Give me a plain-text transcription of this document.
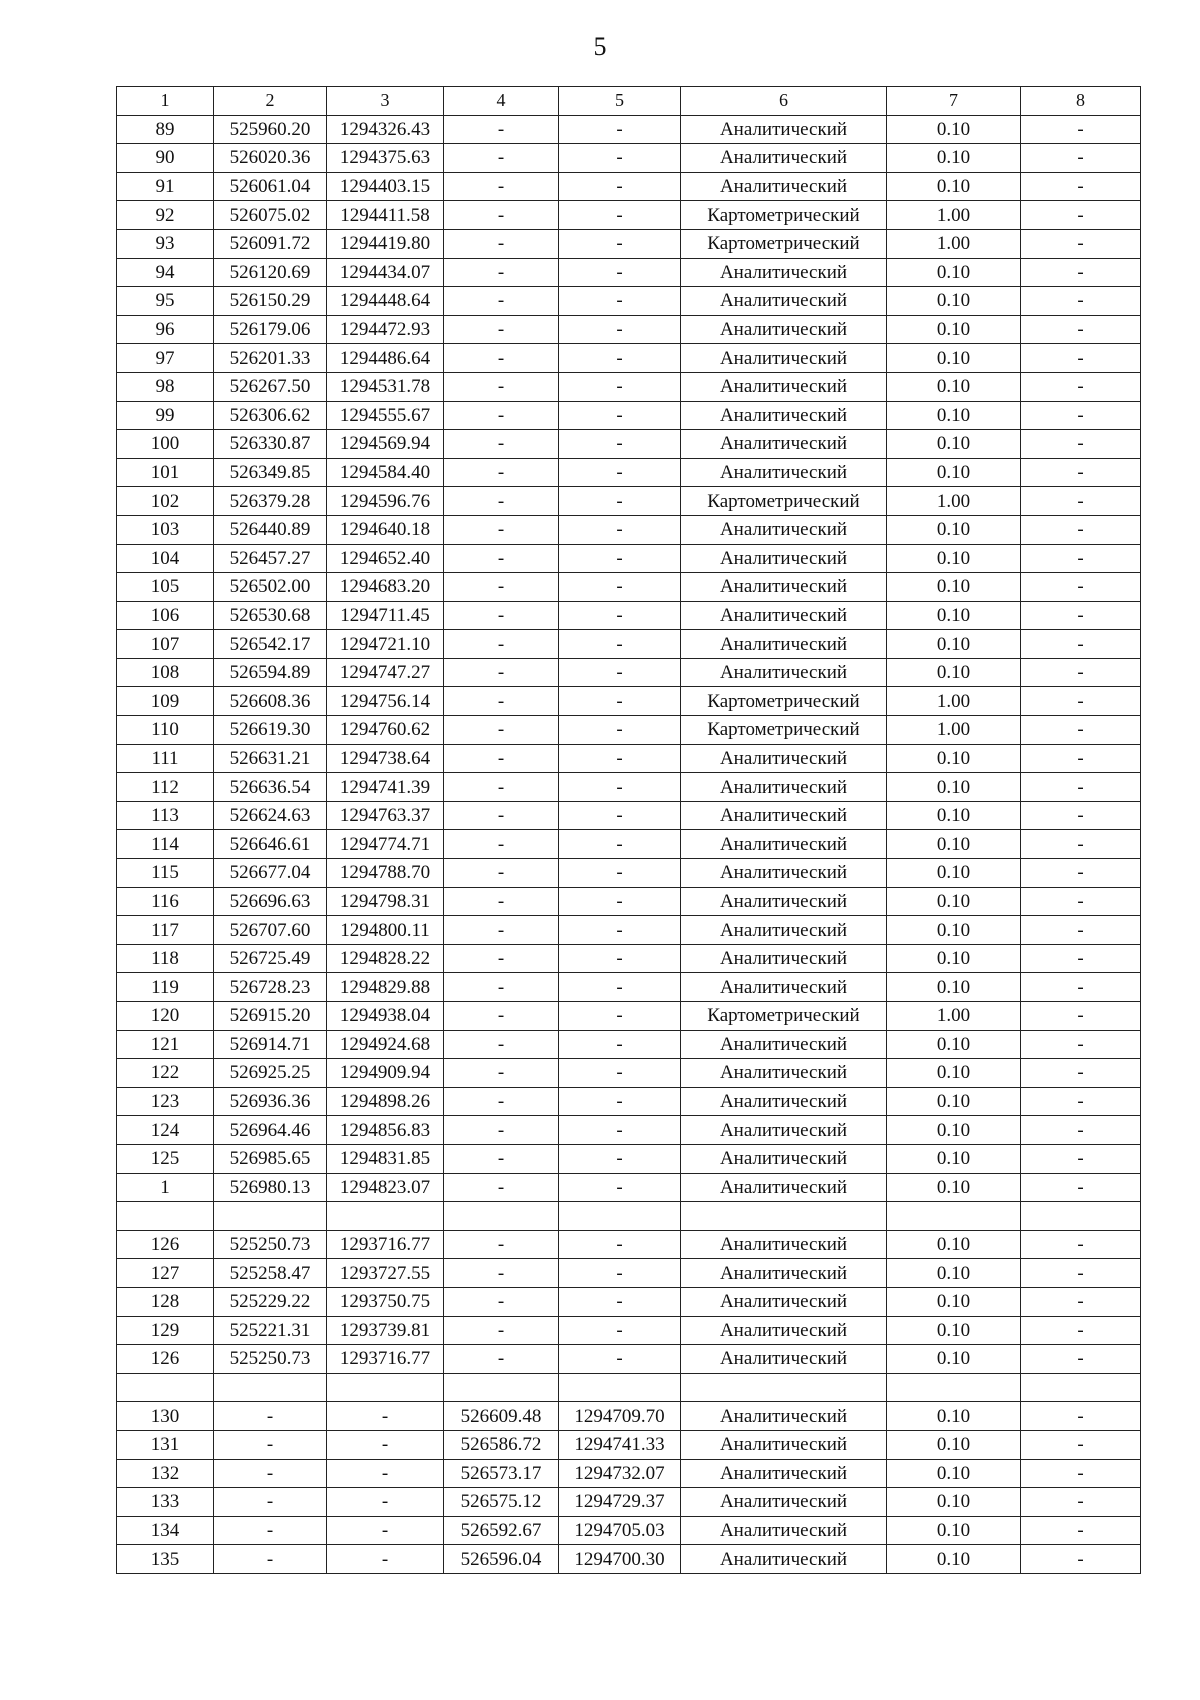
5
1	2	3	4	5	6	7	8
89	525960.20	1294326.43	-	-	Аналитический	0.10	-
90	526020.36	1294375.63	-	-	Аналитический	0.10	-
91	526061.04	1294403.15	-	-	Аналитический	0.10	-
92	526075.02	1294411.58	-	-	Картометрический	1.00	-
93	526091.72	1294419.80	-	-	Картометрический	1.00	-
94	526120.69	1294434.07	-	-	Аналитический	0.10	-
95	526150.29	1294448.64	-	-	Аналитический	0.10	-
96	526179.06	1294472.93	-	-	Аналитический	0.10	-
97	526201.33	1294486.64	-	-	Аналитический	0.10	-
98	526267.50	1294531.78	-	-	Аналитический	0.10	-
99	526306.62	1294555.67	-	-	Аналитический	0.10	-
100	526330.87	1294569.94	-	-	Аналитический	0.10	-
101	526349.85	1294584.40	-	-	Аналитический	0.10	-
102	526379.28	1294596.76	-	-	Картометрический	1.00	-
103	526440.89	1294640.18	-	-	Аналитический	0.10	-
104	526457.27	1294652.40	-	-	Аналитический	0.10	-
105	526502.00	1294683.20	-	-	Аналитический	0.10	-
106	526530.68	1294711.45	-	-	Аналитический	0.10	-
107	526542.17	1294721.10	-	-	Аналитический	0.10	-
108	526594.89	1294747.27	-	-	Аналитический	0.10	-
109	526608.36	1294756.14	-	-	Картометрический	1.00	-
110	526619.30	1294760.62	-	-	Картометрический	1.00	-
111	526631.21	1294738.64	-	-	Аналитический	0.10	-
112	526636.54	1294741.39	-	-	Аналитический	0.10	-
113	526624.63	1294763.37	-	-	Аналитический	0.10	-
114	526646.61	1294774.71	-	-	Аналитический	0.10	-
115	526677.04	1294788.70	-	-	Аналитический	0.10	-
116	526696.63	1294798.31	-	-	Аналитический	0.10	-
117	526707.60	1294800.11	-	-	Аналитический	0.10	-
118	526725.49	1294828.22	-	-	Аналитический	0.10	-
119	526728.23	1294829.88	-	-	Аналитический	0.10	-
120	526915.20	1294938.04	-	-	Картометрический	1.00	-
121	526914.71	1294924.68	-	-	Аналитический	0.10	-
122	526925.25	1294909.94	-	-	Аналитический	0.10	-
123	526936.36	1294898.26	-	-	Аналитический	0.10	-
124	526964.46	1294856.83	-	-	Аналитический	0.10	-
125	526985.65	1294831.85	-	-	Аналитический	0.10	-
1	526980.13	1294823.07	-	-	Аналитический	0.10	-

126	525250.73	1293716.77	-	-	Аналитический	0.10	-
127	525258.47	1293727.55	-	-	Аналитический	0.10	-
128	525229.22	1293750.75	-	-	Аналитический	0.10	-
129	525221.31	1293739.81	-	-	Аналитический	0.10	-
126	525250.73	1293716.77	-	-	Аналитический	0.10	-

130	-	-	526609.48	1294709.70	Аналитический	0.10	-
131	-	-	526586.72	1294741.33	Аналитический	0.10	-
132	-	-	526573.17	1294732.07	Аналитический	0.10	-
133	-	-	526575.12	1294729.37	Аналитический	0.10	-
134	-	-	526592.67	1294705.03	Аналитический	0.10	-
135	-	-	526596.04	1294700.30	Аналитический	0.10	-
